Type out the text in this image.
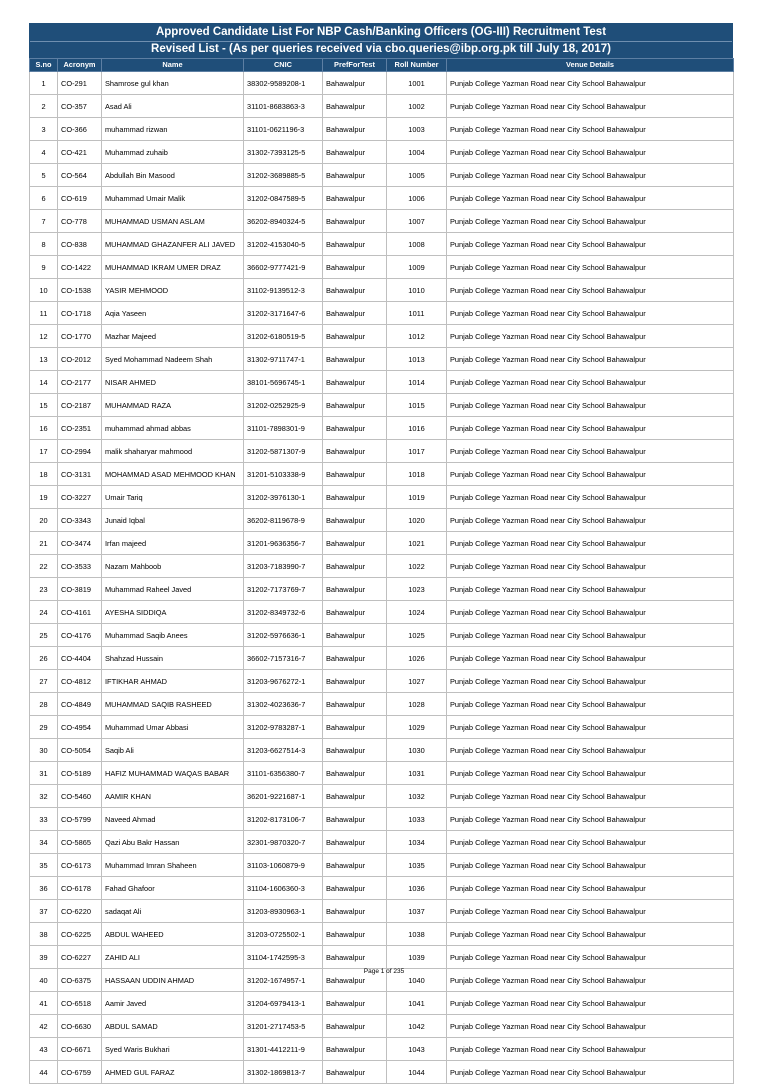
Approved Candidate List For NBP Cash/Banking Officers (OG-III) Recruitment Test
Revised List - (As per queries received via cbo.queries@ibp.org.pk till July 18, 2017)
S.no	Acronym	Name	CNIC	PrefForTest	Roll Number	Venue Details
1	CO-291	Shamrose gul khan	38302-9589208-1	Bahawalpur	1001	Punjab College Yazman Road near City School Bahawalpur
2	CO-357	Asad Ali	31101-8683863-3	Bahawalpur	1002	Punjab College Yazman Road near City School Bahawalpur
3	CO-366	muhammad rizwan	31101-0621196-3	Bahawalpur	1003	Punjab College Yazman Road near City School Bahawalpur
4	CO-421	Muhammad zuhaib	31302-7393125-5	Bahawalpur	1004	Punjab College Yazman Road near City School Bahawalpur
5	CO-564	Abdullah Bin Masood	31202-3689885-5	Bahawalpur	1005	Punjab College Yazman Road near City School Bahawalpur
6	CO-619	Muhammad Umair Malik	31202-0847589-5	Bahawalpur	1006	Punjab College Yazman Road near City School Bahawalpur
7	CO-778	MUHAMMAD USMAN ASLAM	36202-8940324-5	Bahawalpur	1007	Punjab College Yazman Road near City School Bahawalpur
8	CO-838	MUHAMMAD GHAZANFER ALI JAVED	31202-4153040-5	Bahawalpur	1008	Punjab College Yazman Road near City School Bahawalpur
9	CO-1422	MUHAMMAD IKRAM UMER DRAZ	36602-9777421-9	Bahawalpur	1009	Punjab College Yazman Road near City School Bahawalpur
10	CO-1538	YASIR MEHMOOD	31102-9139512-3	Bahawalpur	1010	Punjab College Yazman Road near City School Bahawalpur
11	CO-1718	Aqia Yaseen	31202-3171647-6	Bahawalpur	1011	Punjab College Yazman Road near City School Bahawalpur
12	CO-1770	Mazhar Majeed	31202-6180519-5	Bahawalpur	1012	Punjab College Yazman Road near City School Bahawalpur
13	CO-2012	Syed Mohammad Nadeem Shah	31302-9711747-1	Bahawalpur	1013	Punjab College Yazman Road near City School Bahawalpur
14	CO-2177	NISAR AHMED	38101-5696745-1	Bahawalpur	1014	Punjab College Yazman Road near City School Bahawalpur
15	CO-2187	MUHAMMAD RAZA	31202-0252925-9	Bahawalpur	1015	Punjab College Yazman Road near City School Bahawalpur
16	CO-2351	muhammad ahmad abbas	31101-7898301-9	Bahawalpur	1016	Punjab College Yazman Road near City School Bahawalpur
17	CO-2994	malik shaharyar mahmood	31202-5871307-9	Bahawalpur	1017	Punjab College Yazman Road near City School Bahawalpur
18	CO-3131	MOHAMMAD ASAD MEHMOOD KHAN	31201-5103338-9	Bahawalpur	1018	Punjab College Yazman Road near City School Bahawalpur
19	CO-3227	Umair Tariq	31202-3976130-1	Bahawalpur	1019	Punjab College Yazman Road near City School Bahawalpur
20	CO-3343	Junaid Iqbal	36202-8119678-9	Bahawalpur	1020	Punjab College Yazman Road near City School Bahawalpur
21	CO-3474	Irfan majeed	31201-9636356-7	Bahawalpur	1021	Punjab College Yazman Road near City School Bahawalpur
22	CO-3533	Nazam Mahboob	31203-7183990-7	Bahawalpur	1022	Punjab College Yazman Road near City School Bahawalpur
23	CO-3819	Muhammad Raheel Javed	31202-7173769-7	Bahawalpur	1023	Punjab College Yazman Road near City School Bahawalpur
24	CO-4161	AYESHA SIDDIQA	31202-8349732-6	Bahawalpur	1024	Punjab College Yazman Road near City School Bahawalpur
25	CO-4176	Muhammad Saqib Anees	31202-5976636-1	Bahawalpur	1025	Punjab College Yazman Road near City School Bahawalpur
26	CO-4404	Shahzad Hussain	36602-7157316-7	Bahawalpur	1026	Punjab College Yazman Road near City School Bahawalpur
27	CO-4812	IFTIKHAR AHMAD	31203-9676272-1	Bahawalpur	1027	Punjab College Yazman Road near City School Bahawalpur
28	CO-4849	MUHAMMAD SAQIB RASHEED	31302-4023636-7	Bahawalpur	1028	Punjab College Yazman Road near City School Bahawalpur
29	CO-4954	Muhammad Umar Abbasi	31202-9783287-1	Bahawalpur	1029	Punjab College Yazman Road near City School Bahawalpur
30	CO-5054	Saqib Ali	31203-6627514-3	Bahawalpur	1030	Punjab College Yazman Road near City School Bahawalpur
31	CO-5189	HAFIZ MUHAMMAD WAQAS BABAR	31101-6356380-7	Bahawalpur	1031	Punjab College Yazman Road near City School Bahawalpur
32	CO-5460	AAMIR KHAN	36201-9221687-1	Bahawalpur	1032	Punjab College Yazman Road near City School Bahawalpur
33	CO-5799	Naveed Ahmad	31202-8173106-7	Bahawalpur	1033	Punjab College Yazman Road near City School Bahawalpur
34	CO-5865	Qazi Abu Bakr Hassan	32301-9870320-7	Bahawalpur	1034	Punjab College Yazman Road near City School Bahawalpur
35	CO-6173	Muhammad Imran Shaheen	31103-1060879-9	Bahawalpur	1035	Punjab College Yazman Road near City School Bahawalpur
36	CO-6178	Fahad Ghafoor	31104-1606360-3	Bahawalpur	1036	Punjab College Yazman Road near City School Bahawalpur
37	CO-6220	sadaqat Ali	31203-8930963-1	Bahawalpur	1037	Punjab College Yazman Road near City School Bahawalpur
38	CO-6225	ABDUL WAHEED	31203-0725502-1	Bahawalpur	1038	Punjab College Yazman Road near City School Bahawalpur
39	CO-6227	ZAHID ALI	31104-1742595-3	Bahawalpur	1039	Punjab College Yazman Road near City School Bahawalpur
40	CO-6375	HASSAAN UDDIN AHMAD	31202-1674957-1	Bahawalpur	1040	Punjab College Yazman Road near City School Bahawalpur
41	CO-6518	Aamir Javed	31204-6979413-1	Bahawalpur	1041	Punjab College Yazman Road near City School Bahawalpur
42	CO-6630	ABDUL SAMAD	31201-2717453-5	Bahawalpur	1042	Punjab College Yazman Road near City School Bahawalpur
43	CO-6671	Syed Waris Bukhari	31301-4412211-9	Bahawalpur	1043	Punjab College Yazman Road near City School Bahawalpur
44	CO-6759	AHMED GUL FARAZ	31302-1869813-7	Bahawalpur	1044	Punjab College Yazman Road near City School Bahawalpur
Page 1 of 235
